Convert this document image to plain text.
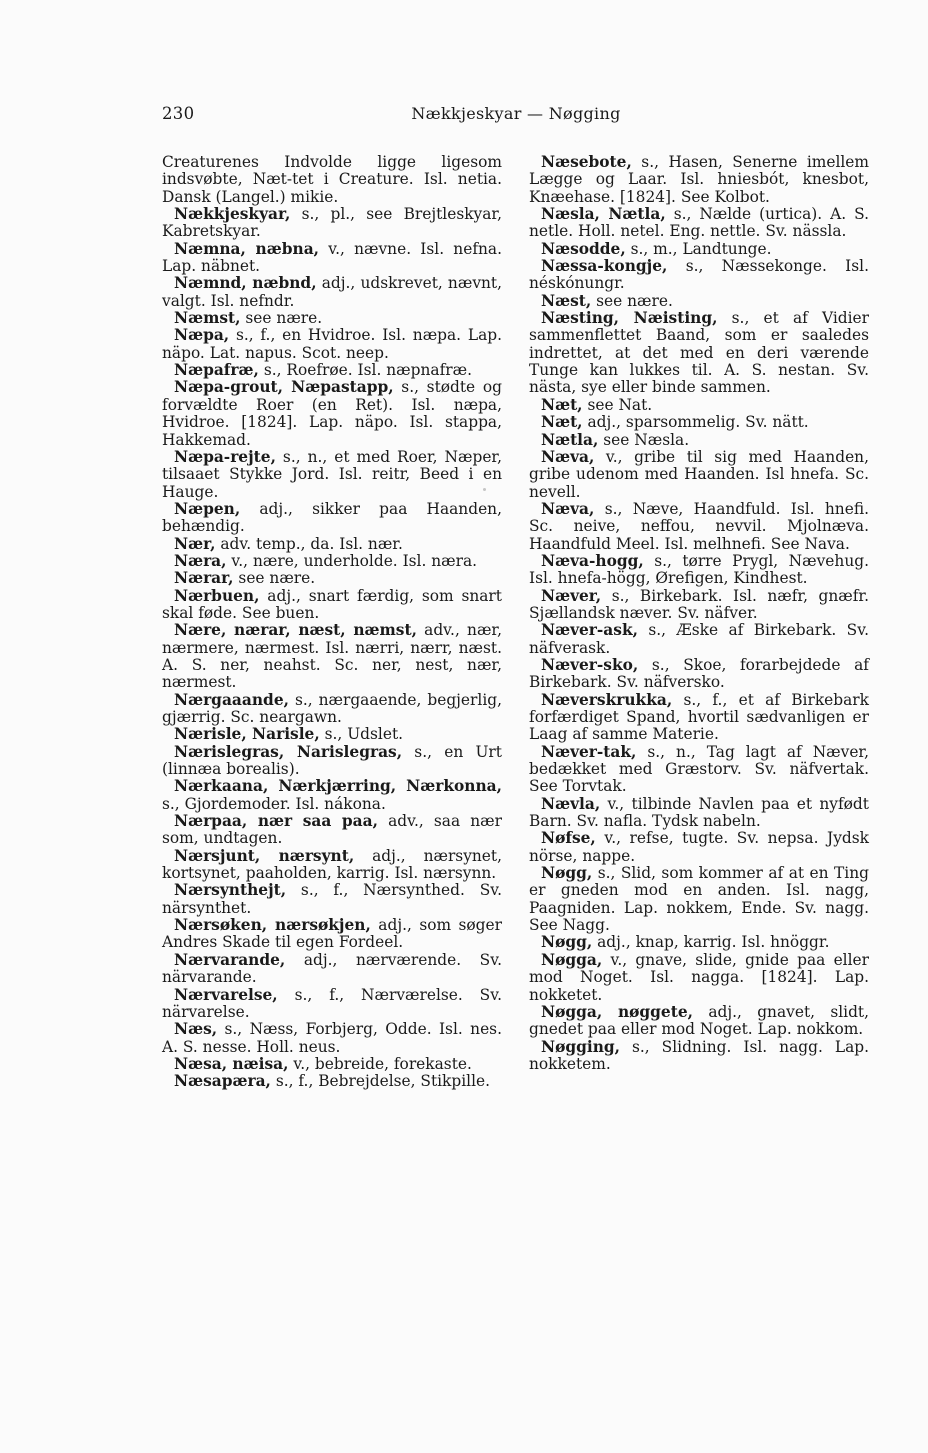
230	Nækkjeskyar — Nøgging

Creaturenes Indvolde ligge ligesom indsvøbte, Næt-tet i Creature. Isl. netia. Dansk (Langel.) mikie.

Nækkjeskyar, s., pl., see Brejtleskyar, Kabretskyar.

Næmna, næbna, v., nævne. Isl. nefna. Lap. näbnet.

Næmnd, næbnd, adj., udskrevet, nævnt, valgt. Isl. nefndr.

Næmst, see nære.

Næpa, s., f., en Hvidroe. Isl. næpa. Lap. näpo. Lat. napus. Scot. neep.

Næpafræ, s., Roefrøe. Isl. næpnafræ.

Næpa-grout, Næpastapp, s., stødte og forvældte Roer (en Ret). Isl. næpa, Hvidroe. [1824]. Lap. näpo. Isl. stappa, Hakkemad.

Næpa-rejte, s., n., et med Roer, Næper, tilsaaet Stykke Jord. Isl. reitr, Beed i en Hauge.

Næpen, adj., sikker paa Haanden, behændig.

Nær, adv. temp., da. Isl. nær.

Næra, v., nære, underholde. Isl. næra.

Nærar, see nære.

Nærbuen, adj., snart færdig, som snart skal føde. See buen.

Nære, nærar, næst, næmst, adv., nær, nærmere, nærmest. Isl. nærri, nærr, næst. A. S. ner, neahst. Sc. ner, nest, nær, nærmest.

Nærgaaande, s., nærgaaende, begjerlig, gjærrig. Sc. neargawn.

Nærisle, Narisle, s., Udslet.

Nærislegras, Narislegras, s., en Urt (linnæa borealis).

Nærkaana, Nærkjærring, Nærkonna, s., Gjordemoder. Isl. nákona.

Nærpaa, nær saa paa, adv., saa nær som, undtagen.

Nærsjunt, nærsynt, adj., nærsynet, kortsynet, paaholden, karrig. Isl. nærsynn.

Nærsynthejt, s., f., Nærsynthed. Sv. närsynthet.

Nærsøken, nærsøkjen, adj., som søger Andres Skade til egen Fordeel.

Nærvarande, adj., nærværende. Sv. närvarande.

Nærvarelse, s., f., Nærværelse. Sv. närvarelse.

Næs, s., Næss, Forbjerg, Odde. Isl. nes. A. S. nesse. Holl. neus.

Næsa, næisa, v., bebreide, forekaste.

Næsapæra, s., f., Bebrejdelse, Stikpille.

Næsebote, s., Hasen, Senerne imellem Lægge og Laar. Isl. hniesbót, knesbot, Knæehase. [1824]. See Kolbot.

Næsla, Nætla, s., Nælde (urtica). A. S. netle. Holl. netel. Eng. nettle. Sv. nässla.

Næsodde, s., m., Landtunge.

Næssa-kongje, s., Næssekonge. Isl. néskónungr.

Næst, see nære.

Næsting, Næisting, s., et af Vidier sammenflettet Baand, som er saaledes indrettet, at det med en deri værende Tunge kan lukkes til. A. S. nestan. Sv. nästa, sye eller binde sammen.

Næt, see Nat.

Næt, adj., sparsommelig. Sv. nätt.

Nætla, see Næsla.

Næva, v., gribe til sig med Haanden, gribe udenom med Haanden. Isl hnefa. Sc. nevell.

Næva, s., Næve, Haandfuld. Isl. hnefi. Sc. neive, neffou, nevvil. Mjolnæva. Haandfuld Meel. Isl. melhnefi. See Nava.

Næva-hogg, s., tørre Prygl, Nævehug. Isl. hnefa-högg, Ørefigen, Kindhest.

Næver, s., Birkebark. Isl. næfr, gnæfr. Sjællandsk næver. Sv. näfver.

Næver-ask, s., Æske af Birkebark. Sv. näfverask.

Næver-sko, s., Skoe, forarbejdede af Birkebark. Sv. näfversko.

Næverskrukka, s., f., et af Birkebark forfærdiget Spand, hvortil sædvanligen er Laag af samme Materie.

Næver-tak, s., n., Tag lagt af Næver, bedækket med Græstorv. Sv. näfvertak. See Torvtak.

Nævla, v., tilbinde Navlen paa et nyfødt Barn. Sv. nafla. Tydsk nabeln.

Nøfse, v., refse, tugte. Sv. nepsa. Jydsk nörse, nappe.

Nøgg, s., Slid, som kommer af at en Ting er gneden mod en anden. Isl. nagg, Paagniden. Lap. nokkem, Ende. Sv. nagg. See Nagg.

Nøgg, adj., knap, karrig. Isl. hnöggr.

Nøgga, v., gnave, slide, gnide paa eller mod Noget. Isl. nagga. [1824]. Lap. nokketet.

Nøgga, nøggete, adj., gnavet, slidt, gnedet paa eller mod Noget. Lap. nokkom.

Nøgging, s., Slidning. Isl. nagg. Lap. nokketem.
